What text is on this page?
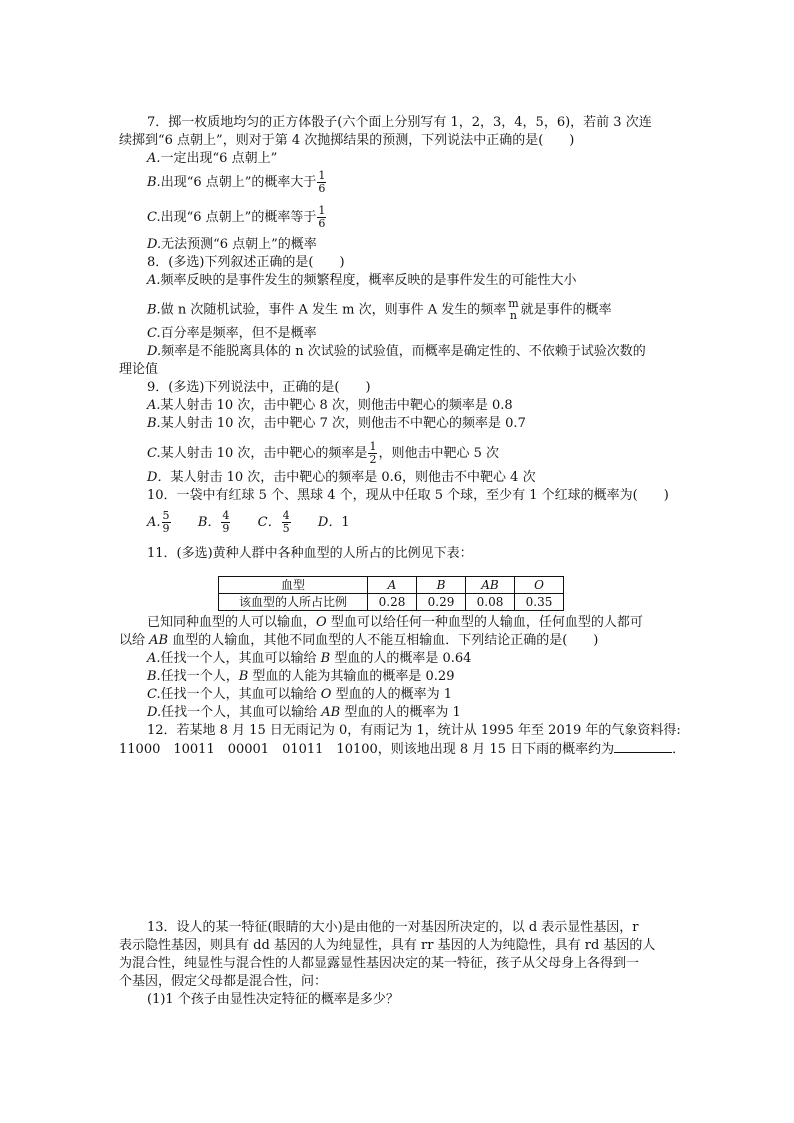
7．掷一枚质地均匀的正方体骰子(六个面上分别写有 1，2，3，4，5，6)，若前 3 次连
续掷到“6 点朝上”，则对于第 4 次抛掷结果的预测，下列说法中正确的是(　　)
A.一定出现“6 点朝上”
B.出现“6 点朝上”的概率大于 $\frac{1}{6}$
C.出现“6 点朝上”的概率等于 $\frac{1}{6}$
D.无法预测“6 点朝上”的概率
8．(多选)下列叙述正确的是(　　)
A.频率反映的是事件发生的频繁程度，概率反映的是事件发生的可能性大小
B.做 n 次随机试验，事件 A 发生 m 次，则事件 A 发生的频率 m
n 就是事件的概率
C.百分率是频率，但不是概率
D.频率是不能脱离具体的 n 次试验的试验值，而概率是确定性的、不依赖于试验次数的
理论值
9．(多选)下列说法中，正确的是(　　)
A.某人射击 10 次，击中靶心 8 次，则他击中靶心的频率是 0.8
B.某人射击 10 次，击中靶心 7 次，则他击不中靶心的频率是 0.7
C.某人射击 10 次，击中靶心的频率是 $\frac{1}{2}$ ，则他击中靶心 5 次
D．某人射击 10 次，击中靶心的频率是 0.6，则他击不中靶心 4 次
10．一袋中有红球 5 个、黑球 4 个，现从中任取 5 个球，至少有 1 个红球的概率为(　　)
A. $\frac{5}{9}$ B． $\frac{4}{9}$ C． $\frac{4}{5}$ D．1
11．(多选)黄种人群中各种血型的人所占的比例见下表：
血型	A	B	AB	O
该血型的人所占比例	0.28	0.29	0.08	0.35
已知同种血型的人可以输血，O 型血可以给任何一种血型的人输血，任何血型的人都可
以给 AB 血型的人输血，其他不同血型的人不能互相输血．下列结论正确的是(　　)
A.任找一个人，其血可以输给 B 型血的人的概率是 0.64
B.任找一个人，B 型血的人能为其输血的概率是 0.29
C.任找一个人，其血可以输给 O 型血的人的概率为 1
D.任找一个人，其血可以输给 AB 型血的人的概率为 1
12．若某地 8 月 15 日无雨记为 0，有雨记为 1，统计从 1995 年至 2019 年的气象资料得:
11000　10011　00001　01011　10100，则该地出现 8 月 15 日下雨的概率约为	．
13．设人的某一特征(眼睛的大小)是由他的一对基因所决定的，以 d 表示显性基因，r
表示隐性基因，则具有 dd 基因的人为纯显性，具有 rr 基因的人为纯隐性，具有 rd 基因的人
为混合性，纯显性与混合性的人都显露显性基因决定的某一特征，孩子从父母身上各得到一
个基因，假定父母都是混合性，问：
(1)1 个孩子由显性决定特征的概率是多少？
